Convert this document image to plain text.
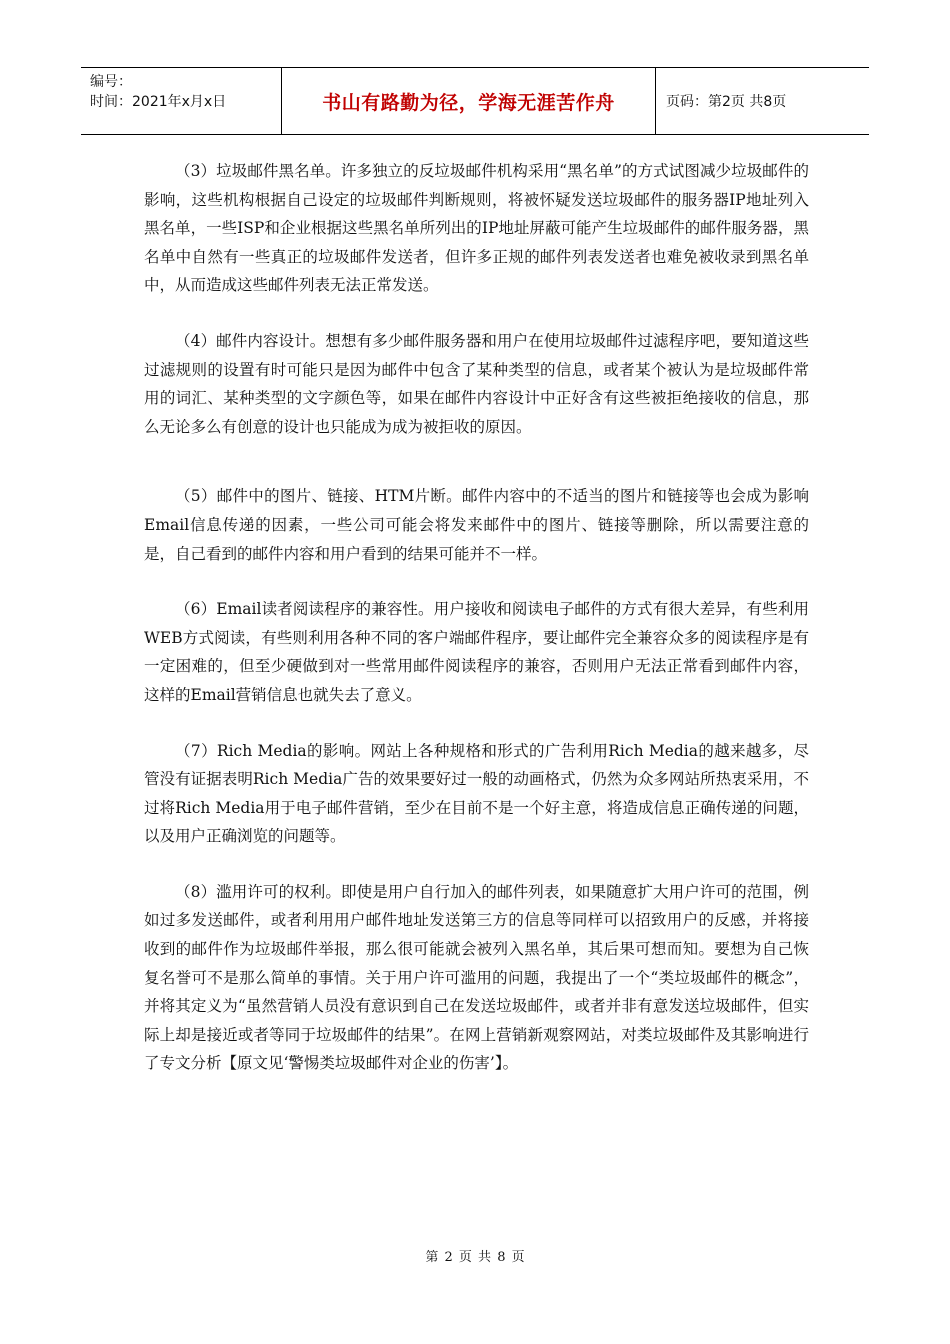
编号：
时间：2021年x月x日	书山有路勤为径，学海无涯苦作舟	页码：第2页 共8页

（3）垃圾邮件黑名单。许多独立的反垃圾邮件机构采用“黑名单”的方式试图减少垃圾邮件的影响，这些机构根据自己设定的垃圾邮件判断规则，将被怀疑发送垃圾邮件的服务器IP地址列入黑名单，一些ISP和企业根据这些黑名单所列出的IP地址屏蔽可能产生垃圾邮件的邮件服务器，黑名单中自然有一些真正的垃圾邮件发送者，但许多正规的邮件列表发送者也难免被收录到黑名单中，从而造成这些邮件列表无法正常发送。

（4）邮件内容设计。想想有多少邮件服务器和用户在使用垃圾邮件过滤程序吧，要知道这些过滤规则的设置有时可能只是因为邮件中包含了某种类型的信息，或者某个被认为是垃圾邮件常用的词汇、某种类型的文字颜色等，如果在邮件内容设计中正好含有这些被拒绝接收的信息，那么无论多么有创意的设计也只能成为成为被拒收的原因。

（5）邮件中的图片、链接、HTM片断。邮件内容中的不适当的图片和链接等也会成为影响Email信息传递的因素，一些公司可能会将发来邮件中的图片、链接等删除，所以需要注意的是，自己看到的邮件内容和用户看到的结果可能并不一样。

（6）Email读者阅读程序的兼容性。用户接收和阅读电子邮件的方式有很大差异，有些利用WEB方式阅读，有些则利用各种不同的客户端邮件程序，要让邮件完全兼容众多的阅读程序是有一定困难的，但至少硬做到对一些常用邮件阅读程序的兼容，否则用户无法正常看到邮件内容，这样的Email营销信息也就失去了意义。

（7）Rich Media的影响。网站上各种规格和形式的广告利用Rich Media的越来越多，尽管没有证据表明Rich Media广告的效果要好过一般的动画格式，仍然为众多网站所热衷采用，不过将Rich Media用于电子邮件营销，至少在目前不是一个好主意，将造成信息正确传递的问题，以及用户正确浏览的问题等。

（8）滥用许可的权利。即使是用户自行加入的邮件列表，如果随意扩大用户许可的范围，例如过多发送邮件，或者利用用户邮件地址发送第三方的信息等同样可以招致用户的反感，并将接收到的邮件作为垃圾邮件举报，那么很可能就会被列入黑名单，其后果可想而知。要想为自己恢复名誉可不是那么简单的事情。关于用户许可滥用的问题，我提出了一个“类垃圾邮件的概念”，并将其定义为“虽然营销人员没有意识到自己在发送垃圾邮件，或者并非有意发送垃圾邮件，但实际上却是接近或者等同于垃圾邮件的结果”。在网上营销新观察网站，对类垃圾邮件及其影响进行了专文分析【原文见‘警惕类垃圾邮件对企业的伤害’】。

第 2 页 共 8 页
